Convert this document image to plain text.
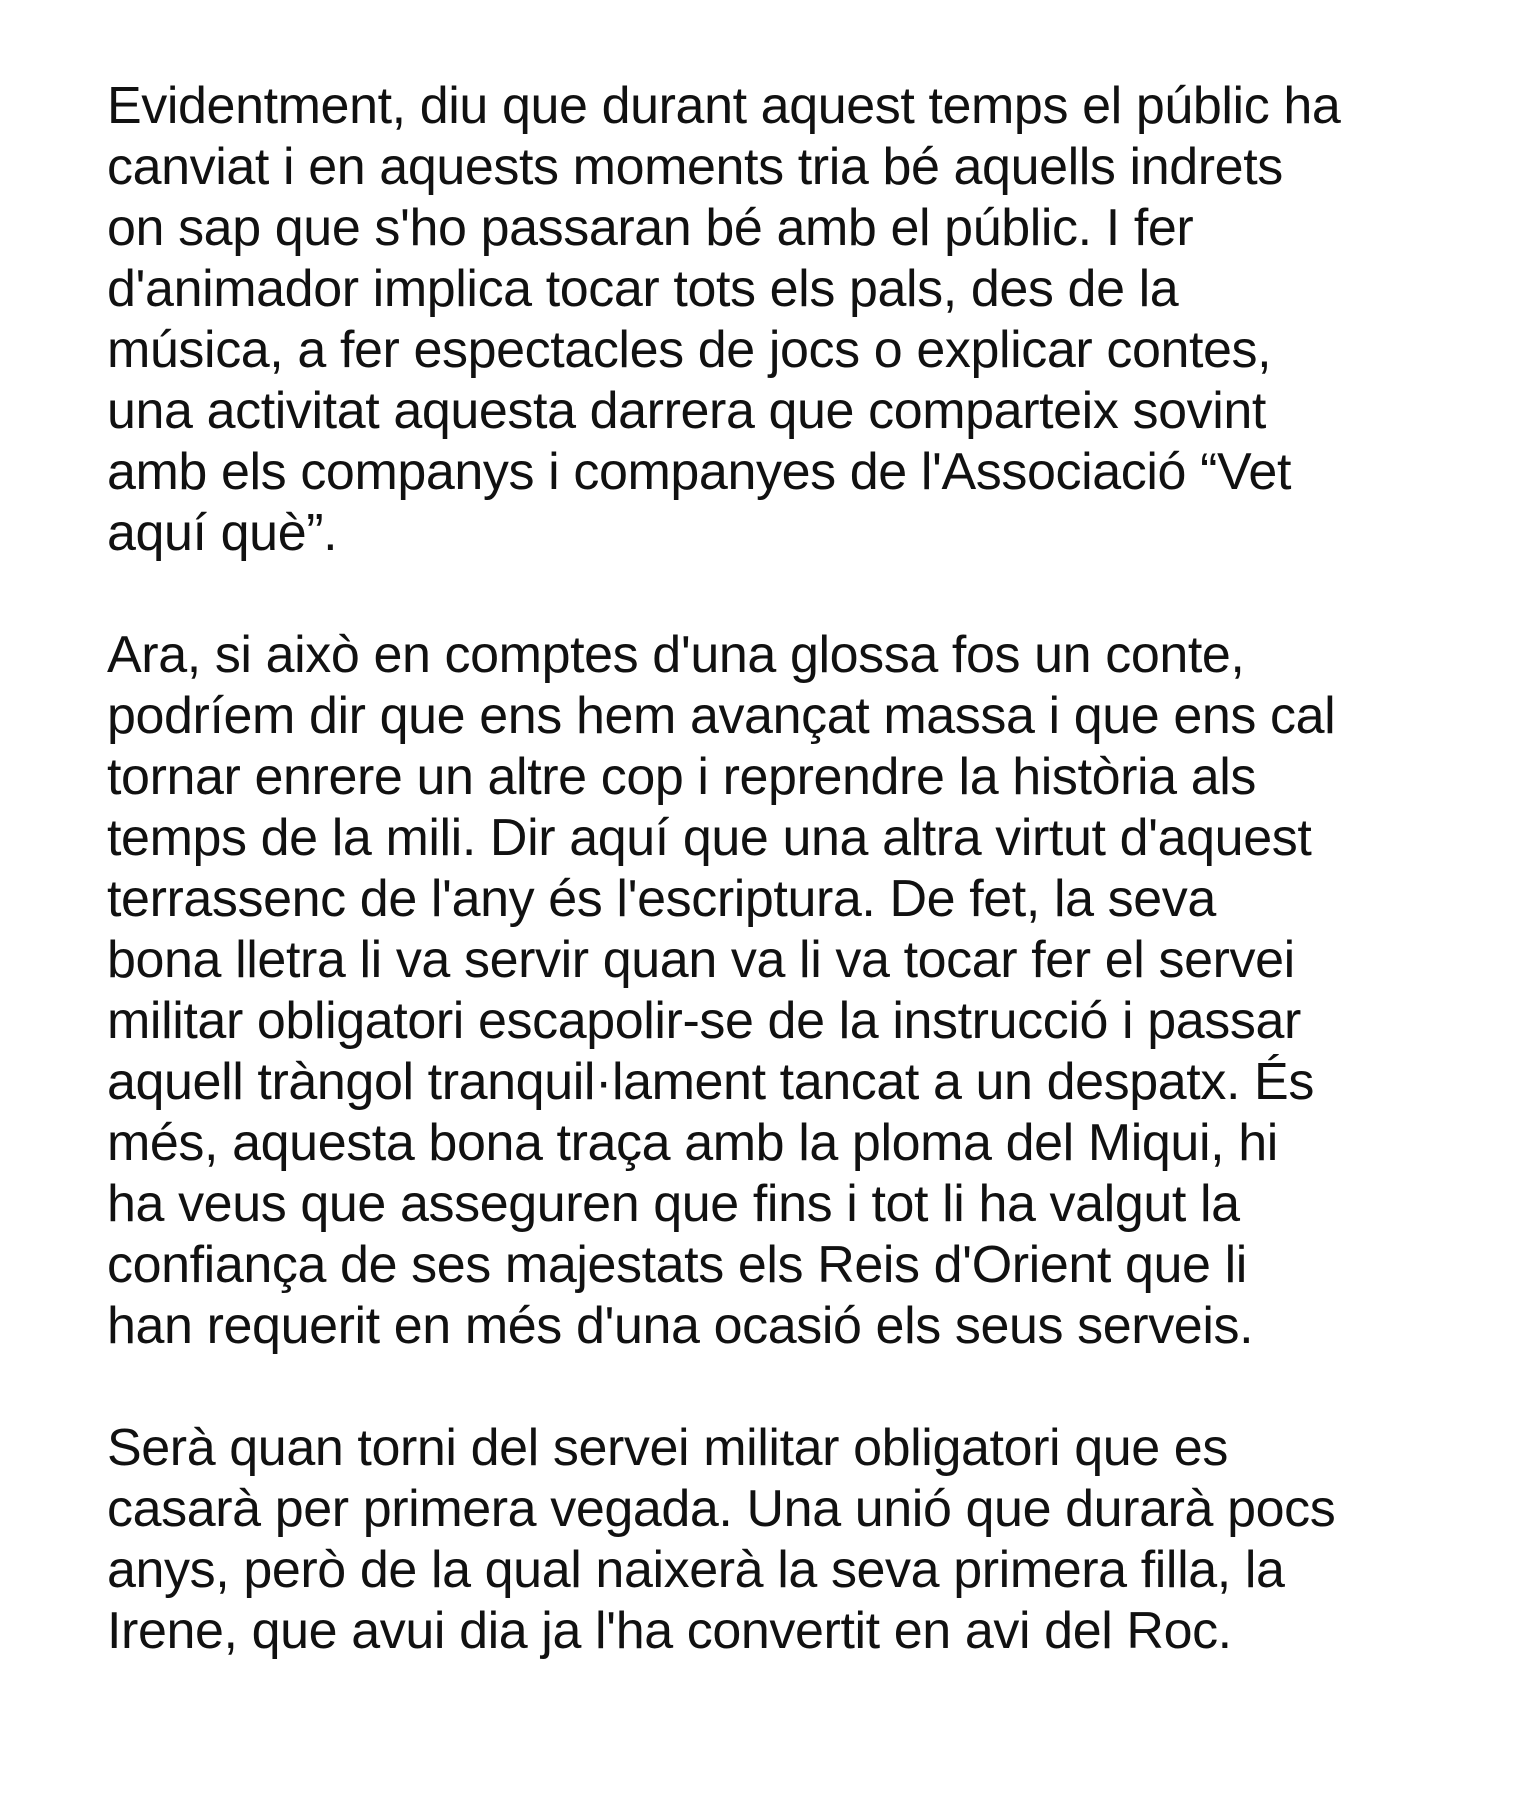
Evidentment, diu que durant aquest temps el públic ha
canviat i en aquests moments tria bé aquells indrets
on sap que s'ho passaran bé amb el públic. I fer
d'animador implica tocar tots els pals, des de la
música, a fer espectacles de jocs o explicar contes,
una activitat aquesta darrera que comparteix sovint
amb els companys i companyes de l'Associació “Vet
aquí què”.
Ara, si això en comptes d'una glossa fos un conte,
podríem dir que ens hem avançat massa i que ens cal
tornar enrere un altre cop i reprendre la història als
temps de la mili. Dir aquí que una altra virtut d'aquest
terrassenc de l'any és l'escriptura. De fet, la seva
bona lletra li va servir quan va li va tocar fer el servei
militar obligatori escapolir-se de la instrucció i passar
aquell tràngol tranquil·lament tancat a un despatx. És
més, aquesta bona traça amb la ploma del Miqui, hi
ha veus que asseguren que fins i tot li ha valgut la
confiança de ses majestats els Reis d'Orient que li
han requerit en més d'una ocasió els seus serveis.
Serà quan torni del servei militar obligatori que es
casarà per primera vegada. Una unió que durarà pocs
anys, però de la qual naixerà la seva primera filla, la
Irene, que avui dia ja l'ha convertit en avi del Roc.
